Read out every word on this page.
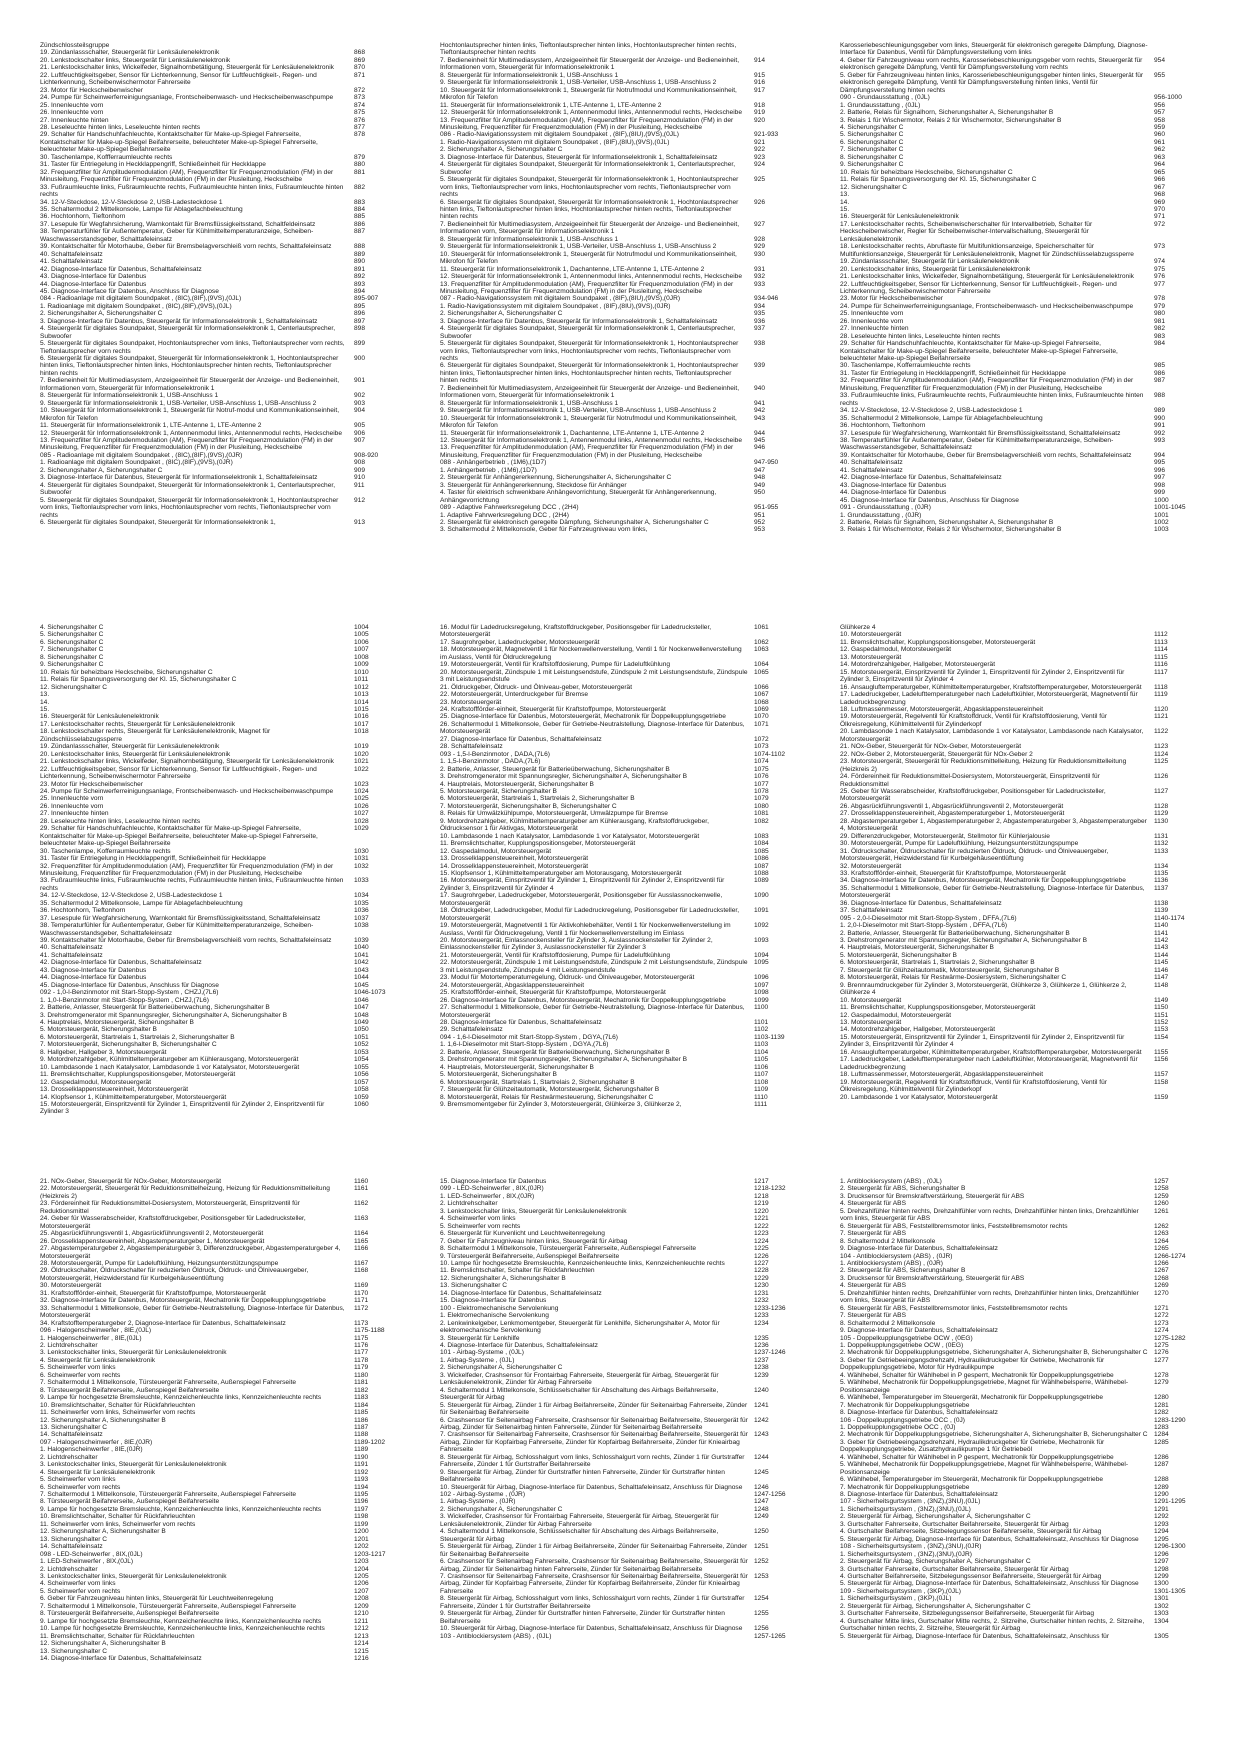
Zündschlossteilsgruppe
19. Zündanlassschalter, Steuergerät für Lenksäulenelektronik	868
20. Lenkstockschalter links, Steuergerät für Lenksäulenelektronik	869
21. Lenkstockschalter links, Wickelfeder, Signalhornbetätigung, Steuergerät für Lenksäulenelektronik	870
22. Luftfeuchtigkeitsgeber, Sensor für Lichterkennung, Sensor für Luftfeuchtigkeit-, Regen- und Lichterkennung, Scheibenwischermotor Fahrerseite
871
23. Motor für Heckscheibenwischer	872
24. Pumpe für Scheinwerferreinigungsanlage, Frontscheibenwasch- und Heckscheibenwaschpumpe	873
25. Innenleuchte vorn	874
26. Innenleuchte vorn	875
27. Innenleuchte hinten	876
28. Leseleuchte hinten links, Leseleuchte hinten rechts	877
29. Schalter für Handschuhfachleuchte, Kontaktschalter für Make-up-Spiegel Fahrerseite, Kontaktschalter für Make-up-Spiegel Beifahrerseite, beleuchteter Make-up-Spiegel Fahrerseite, beleuchteter Make-up-Spiegel Beifahrerseite
878
30. Taschenlampe, Koffferraumleuchte rechts	879
31. Taster für Entriegelung in Heckklappengriff, Schließeinheit für Heckklappe	880
32. Frequenzfilter für Amplitudenmodulation (AM), Frequenzfilter für Frequenzmodulation (FM) in der Minusleitung, Frequenzfilter für Frequenzmodulation (FM) in der Plusleitung, Heckscheibe
881
33. Fußraumleuchte links, Fußraumleuchte rechts, Fußraumleuchte hinten links, Fußraumleuchte hinten rechts
882
34. 12-V-Steckdose, 12-V-Steckdose 2, USB-Ladesteckdose 1	883
35. Schaltermodul 2 Mittelkonsole, Lampe für Ablagefachbeleuchtung	884
36. Hochtonhorn, Tieftonhorn	885
37. Lesepule für Wegfahrsicherung, Warnkontakt für Bremsflüssigkeitsstand, Schaltfeldeinsatz	886
38. Temperaturfühler für Außentemperatur, Geber für Kühlmitteltemperaturanzeige, Scheiben-Waschwasserstandsgeber, Schalttafeleinsatz
887
39. Kontaktschalter für Motorhaube, Geber für Bremsbelagverschleiß vorn rechts, Schalttafeleinsatz	888
40. Schalttafeleinsatz	889
41. Schalttafeleinsatz	890
42. Diagnose-Interface für Datenbus, Schalttafeleinsatz	891
43. Diagnose-Interface für Datenbus	892
44. Diagnose-Interface für Datenbus	893
45. Diagnose-Interface für Datenbus, Anschluss für Diagnose	894
084 - Radioanlage mit digitalem Soundpaket , (8IC),(8IF),(9VS),(0JL)	895-907
1. Radioanlage mit digitalem Soundpaket , (8IC),(8IF),(9VS),(0JL)	895
2. Sicherungshalter A, Sicherungshalter C	896
3. Diagnose-Interface für Datenbus, Steuergerät für Informationselektronik 1, Schalttafeleinsatz	897
4. Steuergerät für digitales Soundpaket, Steuergerät für Informationselektronik 1, Centerlautsprecher, Subwoofer
898
5. Steuergerät für digitales Soundpaket, Hochtonlautsprecher vorn links, Tieftonlautsprecher vorn rechts, Tieftonlautsprecher vorn rechts
899
6. Steuergerät für digitales Soundpaket, Steuergerät für Informationselektronik 1, Hochtonlautsprecher hinten links, Tieftonlautsprecher hinten links, Hochtonlautsprecher hinten rechts, Tieftonlautsprecher hinten rechts
900
7. Bedieneinheit für Multimediasystem, Anzeigeeinheit für Steuergerät der Anzeige- und Bedieneinheit, Informationen vorn, Steuergerät für Informationselektronik 1
901
8. Steuergerät für Informationselektronik 1, USB-Anschluss 1	902
9. Steuergerät für Informationselektronik 1, USB-Verteiler, USB-Anschluss 1, USB-Anschluss 2	903
10. Steuergerät für Informationselektronik 1, Steuergerät für Notruf-modul und Kommunikationseinheit, Mikrofon für Telefon
904
11. Steuergerät für Informationselektronik 1, LTE-Antenne 1, LTE-Antenne 2	905
12. Steuergerät für Informationselektronik 1, Antennenmodul links, Antennenmodul rechts, Heckscheibe	906
13. Frequenzfilter für Amplitudenmodulation (AM), Frequenzfilter für Frequenzmodulation (FM) in der Minusleitung, Frequenzfilter für Frequenzmodulation (FM) in der Plusleitung, Heckscheibe
907
085 - Radioanlage mit digitalem Soundpaket , (8IC),(8IF),(9VS),(0JR)	908-920
1. Radioanlage mit digitalem Soundpaket , (8IC),(8IF),(9VS),(0JR)	908
2. Sicherungshalter A, Sicherungshalter C	909
3. Diagnose-Interface für Datenbus, Steuergerät für Informationselektronik 1, Schalttafeleinsatz	910
4. Steuergerät für digitales Soundpaket, Steuergerät für Informationselektronik 1, Centerlautsprecher, Subwoofer
911
5. Steuergerät für digitales Soundpaket, Steuergerät für Informationselektronik 1, Hochtonlautsprecher vorn links, Tieftonlautsprecher vorn links, Hochtonlautsprecher vorn rechts, Tieftonlautsprecher vorn rechts
912
6. Steuergerät für digitales Soundpaket, Steuergerät für Informationselektronik 1,	913
Hochtonlautsprecher hinten links, Tieftonlautsprecher hinten links, Hochtonlautsprecher hinten rechts, Tieftonlautsprecher hinten rechts
7. Bedieneinheit für Multimediasystem, Anzeigeeinheit für Steuergerät der Anzeige- und Bedieneinheit, Informationen vorn, Steuergerät für Informationselektronik 1
914
8. Steuergerät für Informationselektronik 1, USB-Anschluss 1	915
9. Steuergerät für Informationselektronik 1, USB-Verteiler, USB-Anschluss 1, USB-Anschluss 2	916
10. Steuergerät für Informationselektronik 1, Steuergerät für Notrufmodul und Kommunikationseinheit, Mikrofon für Telefon
917
11. Steuergerät für Informationselektronik 1, LTE-Antenne 1, LTE-Antenne 2	918
12. Steuergerät für Informationselektronik 1, Antennenmodul links, Antennenmodul rechts, Heckscheibe	919
13. Frequenzfilter für Amplitudenmodulation (AM), Frequenzfilter für Frequenzmodulation (FM) in der Minusleitung, Frequenzfilter für Frequenzmodulation (FM) in der Plusleitung, Heckscheibe
920
086 - Radio-Navigationssystem mit digitalem Soundpaket , (8IF),(8IU),(9VS),(0JL)	921-933
1. Radio-Navigationssystem mit digitalem Soundpaket , (8IF),(8IU),(9VS),(0JL)	921
2. Sicherungshalter A, Sicherungshalter C	922
3. Diagnose-Interface für Datenbus, Steuergerät für Informationselektronik 1, Schalttafeleinsatz	923
4. Steuergerät für digitales Soundpaket, Steuergerät für Informationselektronik 1, Centerlautsprecher, Subwoofer
924
5. Steuergerät für digitales Soundpaket, Steuergerät für Informationselektronik 1, Hochtonlautsprecher vorn links, Tieftonlautsprecher vorn links, Hochtonlautsprecher vorn rechts, Tieftonlautsprecher vorn rechts
925
6. Steuergerät für digitales Soundpaket, Steuergerät für Informationselektronik 1, Hochtonlautsprecher hinten links, Tieftonlautsprecher hinten links, Hochtonlautsprecher hinten rechts, Tieftonlautsprecher hinten rechts
926
7. Bedieneinheit für Multimediasystem, Anzeigeeinheit für Steuergerät der Anzeige- und Bedieneinheit, Informationen vorn, Steuergerät für Informationselektronik 1
927
8. Steuergerät für Informationselektronik 1, USB-Anschluss 1	928
9. Steuergerät für Informationselektronik 1, USB-Verteiler, USB-Anschluss 1, USB-Anschluss 2	929
10. Steuergerät für Informationselektronik 1, Steuergerät für Notrufmodul und Kommunikationseinheit, Mikrofon für Telefon
930
11. Steuergerät für Informationselektronik 1, Dachantenne, LTE-Antenne 1, LTE-Antenne 2	931
12. Steuergerät für Informationselektronik 1, Antennenmodul links, Antennenmodul rechts, Heckscheibe	932
13. Frequenzfilter für Amplitudenmodulation (AM), Frequenzfilter für Frequenzmodulation (FM) in der Minusleitung, Frequenzfilter für Frequenzmodulation (FM) in der Plusleitung, Heckscheibe
933
087 - Radio-Navigationssystem mit digitalem Soundpaket , (8IF),(8IU),(9VS),(0JR)	934-946
1. Radio-Navigationssystem mit digitalem Soundpaket , (8IF),(8IU),(9VS),(0JR)	934
2. Sicherungshalter A, Sicherungshalter C	935
3. Diagnose-Interface für Datenbus, Steuergerät für Informationselektronik 1, Schalttafeleinsatz	936
4. Steuergerät für digitales Soundpaket, Steuergerät für Informationselektronik 1, Centerlautsprecher, Subwoofer
937
5. Steuergerät für digitales Soundpaket, Steuergerät für Informationselektronik 1, Hochtonlautsprecher vorn links, Tieftonlautsprecher vorn links, Hochtonlautsprecher vorn rechts, Tieftonlautsprecher vorn rechts
938
6. Steuergerät für digitales Soundpaket, Steuergerät für Informationselektronik 1, Hochtonlautsprecher hinten links, Tieftonlautsprecher hinten links, Hochtonlautsprecher hinten rechts, Tieftonlautsprecher hinten rechts
939
7. Bedieneinheit für Multimediasystem, Anzeigeeinheit für Steuergerät der Anzeige- und Bedieneinheit, Informationen vorn, Steuergerät für Informationselektronik 1
940
8. Steuergerät für Informationselektronik 1, USB-Anschluss 1	941
9. Steuergerät für Informationselektronik 1, USB-Verteiler, USB-Anschluss 1, USB-Anschluss 2	942
10. Steuergerät für Informationselektronik 1, Steuergerät für Notrufmodul und Kommunikationseinheit, Mikrofon für Telefon
943
11. Steuergerät für Informationselektronik 1, Dachantenne, LTE-Antenne 1, LTE-Antenne 2	944
12. Steuergerät für Informationselektronik 1, Antennenmodul links, Antennenmodul rechts, Heckscheibe	945
13. Frequenzfilter für Amplitudenmodulation (AM), Frequenzfilter für Frequenzmodulation (FM) in der Minusleitung, Frequenzfilter für Frequenzmodulation (FM) in der Plusleitung, Heckscheibe
946
088 - Anhängerbetrieb , (1M6),(1D7)	947-950
1. Anhängerbetrieb , (1M6),(1D7)	947
2. Steuergerät für Anhängererkennung, Sicherungshalter A, Sicherungshalter C	948
3. Steuergerät für Anhängererkennung, Steckdose für Anhänger	949
4. Taster für elektrisch schwenkbare Anhängevorrichtung, Steuergerät für Anhängererkennung, Anhängevorrichtung
950
089 - Adaptive Fahrwerksregelung DCC , (2H4)	951-955
1. Adaptive Fahrwerksregelung DCC , (2H4)	951
2. Steuergerät für elektronisch geregelte Dämpfung, Sicherungshalter A, Sicherungshalter C	952
3. Schaltermodul 2 Mittelkonsole, Geber für Fahrzeugniveau vorn links,	953
Karosseriebeschleunigungsgeber vorn links, Steuergerät für elektronisch geregelte Dämpfung, Diagnose-Interface für Datenbus, Ventil für Dämpfungsverstellung vorn links
4. Geber für Fahrzeugniveau vorn rechts, Karosseriebeschleunigungsgeber vorn rechts, Steuergerät für elektronisch geregelte Dämpfung, Ventil für Dämpfungsverstellung vorn rechts
954
5. Geber für Fahrzeugniveau hinten links, Karosseriebeschleunigungsgeber hinten links, Steuergerät für elektronisch geregelte Dämpfung, Ventil für Dämpfungsverstellung hinten links, Ventil für Dämpfungsverstellung hinten rechts
955
090 - Grundausstattung , (0JL)	956-1000
1. Grundausstattung , (0JL)	956
2. Batterie, Relais für Signalhorn, Sicherungshalter A, Sicherungshalter B	957
3. Relais 1 für Wischermotor, Relais 2 für Wischermotor, Sicherungshalter B	958
4. Sicherungshalter C	959
5. Sicherungshalter C	960
6. Sicherungshalter C	961
7. Sicherungshalter C	962
8. Sicherungshalter C	963
9. Sicherungshalter C	964
10. Relais für beheizbare Heckscheibe, Sicherungshalter C	965
11. Relais für Spannungsversorgung der Kl. 15, Sicherungshalter C	966
12. Sicherungshalter C	967
13.	968
14.	969
15.	970
16. Steuergerät für Lenksäulenelektronik	971
17. Lenkstockschalter rechts, Scheibenwischerschalter für Intervallbetrieb, Schalter für Heckscheibenwischer, Regler für Scheibenwischer-Intervallschaltung, Steuergerät für Lenksäulenelektronik
972
18. Lenkstockschalter rechts, Abruftaste für Multifunktionsanzeige, Speicherschalter für Multifunktionsanzeige, Steuergerät für Lenksäulenelektronik, Magnet für Zündschlüsselabzugssperre
973
19. Zündanlassschalter, Steuergerät für Lenksäulenelektronik	974
20. Lenkstockschalter links, Steuergerät für Lenksäulenelektronik	975
21. Lenkstockschalter links, Wickelfeder, Signalhornbetätigung, Steuergerät für Lenksäulenelektronik	976
22. Luftfeuchtigkeitsgeber, Sensor für Lichterkennung, Sensor für Luftfeuchtigkeit-, Regen- und Lichterkennung, Scheibenwischermotor Fahrerseite
977
23. Motor für Heckscheibenwischer	978
24. Pumpe für Scheinwerferreinigungsanlage, Frontscheibenwasch- und Heckscheibenwaschpumpe	979
25. Innenleuchte vorn	980
26. Innenleuchte vorn	981
27. Innenleuchte hinten	982
28. Leseleuchte hinten links, Leseleuchte hinten rechts	983
29. Schalter für Handschuhfachleuchte, Kontaktschalter für Make-up-Spiegel Fahrerseite, Kontaktschalter für Make-up-Spiegel Beifahrerseite, beleuchteter Make-up-Spiegel Fahrerseite, beleuchteter Make-up-Spiegel Beifahrerseite
984
30. Taschenlampe, Kofferraumleuchte rechts	985
31. Taster für Entriegelung in Heckklappengriff, Schließeinheit für Heckklappe	986
32. Frequenzfilter für Amplitudenmodulation (AM), Frequenzfilter für Frequenzmodulation (FM) in der Minusleitung, Frequenzfilter für Frequenzmodulation (FM) in der Plusleitung, Heckscheibe
987
33. Fußraumleuchte links, Fußraumleuchte rechts, Fußraumleuchte hinten links, Fußraumleuchte hinten rechts
988
34. 12-V-Steckdose, 12-V-Steckdose 2, USB-Ladesteckdose 1	989
35. Schaltermodul 2 Mittelkonsole, Lampe für Ablagefachbeleuchtung	990
36. Hochtonhorn, Tieftonhorn	991
37. Lesespule für Wegfahrsicherung, Warnkontakt für Bremsflüssigkeitsstand, Schalttafeleinsatz	992
38. Temperaturfühler für Außentemperatur, Geber für Kühlmitteltemperaturanzeige, Scheiben-Waschwasserstandsgeber, Schalttafeleinsatz
993
39. Kontaktschalter für Motorhaube, Geber für Bremsbelagverschleiß vorn rechts, Schalttafeleinsatz	994
40. Schalttafeleinsatz	995
41. Schalttafeleinsatz	996
42. Diagnose-Interface für Datenbus, Schalttafeleinsatz	997
43. Diagnose-Interface für Datenbus	998
44. Diagnose-Interface für Datenbus	999
45. Diagnose-Interface für Datenbus, Anschluss für Diagnose	1000
091 - Grundausstattung , (0JR)	1001-1045
1. Grundausstattung , (0JR)	1001
2. Batterie, Relais für Signalhorn, Sicherungshalter A, Sicherungshalter B	1002
3. Relais 1 für Wischermotor, Relais 2 für Wischermotor, Sicherungshalter B	1003
4. Sicherungshalter C	1004
5. Sicherungshalter C	1005
6. Sicherungshalter C	1006
7. Sicherungshalter C	1007
8. Sicherungshalter C	1008
9. Sicherungshalter C	1009
10. Relais für beheizbare Heckscheibe, Sicherungshalter C	1010
11. Relais für Spannungsversorgung der Kl. 15, Sicherungshalter C	1011
12. Sicherungshalter C	1012
13.	1013
14.	1014
15.	1015
16. Steuergerät für Lenksäulenelektronik	1016
17. Lenkstockschalter rechts, Steuergerät für Lenksäulenelektronik	1017
18. Lenkstockschalter rechts, Steuergerät für Lenksäulenelektronik, Magnet für Zündschlüsselabzugssperre
1018
19. Zündanlassschalter, Steuergerät für Lenksäulenelektronik	1019
20. Lenkstockschalter links, Steuergerät für Lenksäulenelektronik	1020
21. Lenkstockschalter links, Wickelfeder, Signalhornbetätigung, Steuergerät für Lenksäulenelektronik	1021
22. Luftfeuchtigkeitsgeber, Sensor für Lichterkennung, Sensor für Luftfeuchtigkeit-, Regen- und Lichterkennung, Scheibenwischermotor Fahrerseite
1022
23. Motor für Heckscheibenwischer	1023
24. Pumpe für Scheinwerferreinigungsanlage, Frontscheibenwasch- und Heckscheibenwaschpumpe	1024
25. Innenleuchte vorn	1025
26. Innenleuchte vorn	1026
27. Innenleuchte hinten	1027
28. Leseleuchte hinten links, Leseleuchte hinten rechts	1028
29. Schalter für Handschuhfachleuchte, Kontaktschalter für Make-up-Spiegel Fahrerseite, Kontaktschalter für Make-up-Spiegel Beifahrerseite, beleuchteter Make-up-Spiegel Fahrerseite, beleuchteter Make-up-Spiegel Beifahrerseite
1029
30. Taschenlampe, Kofferraumleuchte rechts	1030
31. Taster für Entriegelung in Heckklappengriff, Schließeinheit für Heckklappe	1031
32. Frequenzfilter für Amplitudenmodulation (AM), Frequenzfilter für Frequenzmodulation (FM) in der Minusleitung, Frequenzfilter für Frequenzmodulation (FM) in der Plusleitung, Heckscheibe
1032
33. Fußraumleuchte links, Fußraumleuchte rechts, Fußraumleuchte hinten links, Fußraumleuchte hinten rechts
1033
34. 12-V-Steckdose, 12-V-Steckdose 2, USB-Ladesteckdose 1	1034
35. Schaltermodul 2 Mittelkonsole, Lampe für Ablagefachbeleuchtung	1035
36. Hochtonhorn, Tieftonhorn	1036
37. Lesespule für Wegfahrsicherung, Warnkontakt für Bremsflüssigkeitsstand, Schalttafeleinsatz	1037
38. Temperaturfühler für Außentemperatur, Geber für Kühlmitteltemperaturanzeige, Scheiben-Waschwasserstandsgeber, Schalttafeleinsatz
1038
39. Kontaktschalter für Motorhaube, Geber für Bremsbelagverschleiß vorn rechts, Schalttafeleinsatz	1039
40. Schalttafeleinsatz	1040
41. Schalttafeleinsatz	1041
42. Diagnose-Interface für Datenbus, Schalttafeleinsatz	1042
43. Diagnose-Interface für Datenbus	1043
44. Diagnose-Interface für Datenbus	1044
45. Diagnose-Interface für Datenbus, Anschluss für Diagnose	1045
092 - 1,0-l-Benzinmotor mit Start-Stopp-System , CHZJ,(7L6)	1046-1073
1. 1,0-l-Benzinmotor mit Start-Stopp-System , CHZJ,(7L6)	1046
2. Batterie, Anlasser, Steuergerät für Batterieüberwachung, Sicherungshalter B	1047
3. Drehstromgenerator mit Spannungsregler, Sicherungshalter A, Sicherungshalter B	1048
4. Hauptrelais, Motorsteuergerät, Sicherungshalter B	1049
5. Motorsteuergerät, Sicherungshalter B	1050
6. Motorsteuergerät, Startrelais 1, Startrelais 2, Sicherungshalter B	1051
7. Motorsteuergerät, Sicherungshalter B, Sicherungshalter C	1052
8. Hallgeber, Hallgeber 3, Motorsteuergerät	1053
9. Motordrehzahlgeber, Kühlmitteltemperaturgeber am Kühlerausgang, Motorsteuergerät	1054
10. Lambdasonde 1 nach Katalysator, Lambdasonde 1 vor Katalysator, Motorsteuergerät	1055
11. Bremslichtschalter, Kupplungspositionsgeber, Motorsteuergerät	1056
12. Gaspedalmodul, Motorsteuergerät	1057
13. Drosselklappensteuereinheit, Motorsteuergerät	1058
14. Klopfsensor 1, Kühlmitteltemperaturgeber, Motorsteuergerät	1059
15. Motorsteuergerät, Einspritzventil für Zylinder 1, Einspritzventil für Zylinder 2, Einspritzventil für Zylinder 3
1060
16. Modul für Ladedrucksregelung, Kraftstoffdruckgeber, Positionsgeber für Ladedrucksteller, Motorsteuergerät
1061
17. Saugrohrgeber, Ladedruckgeber, Motorsteuergerät	1062
18. Motorsteuergerät, Magnetventil 1 für Nockenwellenverstellung, Ventil 1 für Nockenwellenverstellung im Auslass, Ventil für Öldruckregelung
1063
19. Motorsteuergerät, Ventil für Kraftstoffdosierung, Pumpe für Ladeluftkühlung	1064
20. Motorsteuergerät, Zündspule 1 mit Leistungsendstufe, Zündspule 2 mit Leistungsendstufe, Zündspule 3 mit Leistungsendstufe
1065
21. Öldruckgeber, Öldruck- und Ölniveau-geber, Motorsteuergerät	1066
22. Motorsteuergerät, Unterdruckgeber für Bremse	1067
23. Motorsteuergerät	1068
24. Kraftstoffförder-einheit, Steuergerät für Kraftstoffpumpe, Motorsteuergerät	1069
25. Diagnose-Interface für Datenbus, Motorsteuergerät, Mechatronik für Doppelkupplungsgetriebe	1070
26. Schaltermodul 1 Mittelkonsole, Geber für Getriebe-Neutralstellung, Diagnose-Interface für Datenbus, Motorsteuergerät
1071
27. Diagnose-Interface für Datenbus, Schalttafeleinsatz	1072
28. Schalttafeleinsatz	1073
093 - 1,5-l-Benzinmotor , DADA,(7L6)	1074-1102
1. 1,5-l-Benzinmotor , DADA,(7L6)	1074
2. Batterie, Anlasser, Steuergerät für Batterieüberwachung, Sicherungshalter B	1075
3. Drehstromgenerator mit Spannungsregler, Sicherungshalter A, Sicherungshalter B	1076
4. Hauptrelais, Motorsteuergerät, Sicherungshalter B	1077
5. Motorsteuergerät, Sicherungshalter B	1078
6. Motorsteuergerät, Startrelais 1, Startrelais 2, Sicherungshalter B	1079
7. Motorsteuergerät, Sicherungshalter B, Sicherungshalter C	1080
8. Relais für Umwälzkühlpumpe, Motorsteuergerät, Umwälzpumpe für Bremse	1081
9. Motordrehzahlgeber, Kühlmitteltemperaturgeber am Kühlerausgang, Kraftstoffdruckgeber, Öldrucksensor 1 für Aktivgas, Motorsteuergerät
1082
10. Lambdasonde 1 nach Katalysator, Lambdasonde 1 vor Katalysator, Motorsteuergerät	1083
11. Bremslichtschalter, Kupplungspositionsgeber, Motorsteuergerät	1084
12. Gaspedalmodul, Motorsteuergerät	1085
13. Drosselklappensteuereinheit, Motorsteuergerät	1086
14. Drosselklappensteuereinheit, Motorsteuergerät	1087
15. Klopfsensor 1, Kühlmitteltemperaturgeber am Motorausgang, Motorsteuergerät	1088
16. Motorsteuergerät, Einspritzventil für Zylinder 1, Einspritzventil für Zylinder 2, Einspritzventil für Zylinder 3, Einspritzventil für Zylinder 4
1089
17. Saugrohrgeber, Ladedruckgeber, Motorsteuergerät, Positionsgeber für Ausslassnockenwelle, Motorsteuergerät
1090
18. Öldruckgeber, Ladedruckgeber, Modul für Ladedruckregelung, Positionsgeber für Ladedrucksteller, Motorsteuergerät
1091
19. Motorsteuergerät, Magnetventil 1 für Aktivkohlebehälter, Ventil 1 für Nockenwellenverstellung im Auslass, Ventil für Öldruckregelung, Ventil 1 für Nockenwellenverstellung im Einlass
1092
20. Motorsteuergerät, Einlassnockensteller für Zylinder 3, Auslassnockensteller für Zylinder 2, Einlassnockensteller für Zylinder 3, Auslassnockensteller für Zylinder 3
1093
21. Motorsteuergerät, Ventil für Kraftstoffdosierung, Pumpe für Ladeluftkühlung	1094
22. Motorsteuergerät, Zündspule 1 mit Leistungsendstufe, Zündspule 2 mit Leistungsendstufe, Zündspule 3 mit Leistungsendstufe, Zündspule 4 mit Leistungsendstufe
1095
23. Modul für Motortemperaturregelung, Öldruck- und Ölniveaugeber, Motorsteuergerät	1096
24. Motorsteuergerät, Abgasklappensteuereinheit	1097
25. Kraftstoffförder-einheit, Steuergerät für Kraftstoffpumpe, Motorsteuergerät	1098
26. Diagnose-Interface für Datenbus, Motorsteuergerät, Mechatronik für Doppelkupplungsgetriebe	1099
27. Schaltermodul 1 Mittelkonsole, Geber für Getriebe-Neutralstellung, Diagnose-Interface für Datenbus, Motorsteuergerät
1100
28. Diagnose-Interface für Datenbus, Schalttafeleinsatz	1101
29. Schalttafeleinsatz	1102
094 - 1,6-l-Dieselmotor mit Start-Stopp-System , DGYA,(7L6)	1103-1139
1. 1,6-l-Dieselmotor mit Start-Stopp-System , DGYA,(7L6)	1103
2. Batterie, Anlasser, Steuergerät für Batterieüberwachung, Sicherungshalter B	1104
3. Drehstromgenerator mit Spannungsregler, Sicherungshalter A, Sicherungshalter B	1105
4. Hauptrelais, Motorsteuergerät, Sicherungshalter B	1106
5. Motorsteuergerät, Sicherungshalter B	1107
6. Motorsteuergerät, Startrelais 1, Startrelais 2, Sicherungshalter B	1108
7. Steuergerät für Glühzeitautomatik, Motorsteuergerät, Sicherungshalter B	1109
8. Motorsteuergerät, Relais für Restwärmesteuerung, Sicherungshalter C	1110
9. Bremsmomentgeber für Zylinder 3, Motorsteuergerät, Glühkerze 3, Glühkerze 2,	1111
Glühkerze 4
10. Motorsteuergerät	1112
11. Bremslichtschalter, Kupplungspositionsgeber, Motorsteuergerät	1113
12. Gaspedalmodul, Motorsteuergerät	1114
13. Motorsteuergerät	1115
14. Motordrehzahlgeber, Hallgeber, Motorsteuergerät	1116
15. Motorsteuergerät, Einspritzventil für Zylinder 1, Einspritzventil für Zylinder 2, Einspritzventil für Zylinder 3, Einspritzventil für Zylinder 4
1117
16. Ansaugluftemperaturgeber, Kühlmitteltemperaturgeber, Kraftstofftemperaturgeber, Motorsteuergerät	1118
17. Ladedruckgeber, Ladelufttemperaturgeber nach Ladeluftkühler, Motorsteuergerät, Magnetventil für Ladedruckbegrenzung
1119
18. Luftmassenmesser, Motorsteuergerät, Abgasklappensteuereinheit	1120
19. Motorsteuergerät, Regelventil für Kraftstoffdruck, Ventil für Kraftstoffdosierung, Ventil für Ölkreisregelung, Kühlmittelventil für Zylinderkopf
1121
20. Lambdasonde 1 nach Katalysator, Lambdasonde 1 vor Katalysator, Lambdasonde nach Katalysator, Motorsteuergerät
1122
21. NOx-Geber, Steuergerät für NOx-Geber, Motorsteuergerät	1123
22. NOx-Geber 2, Motorsteuergerät, Steuergerät für NOx-Geber 2	1124
23. Motorsteuergerät, Steuergerät für Reduktionsmittelleitung, Heizung für Reduktionsmittelleitung (Heizkreis 2)
1125
24. Fördereinheit für Reduktionsmittel-Dosiersystem, Motorsteuergerät, Einspritzventil für Reduktionsmittel
1126
25. Geber für Wasserabscheider, Kraftstoffdruckgeber, Positionsgeber für Ladedrucksteller, Motorsteuergerät
1127
26. Abgasrückführungsventil 1, Abgasrückführungsventil 2, Motorsteuergerät	1128
27. Drosselklappensteuereinheit, Abgastemperaturgeber 1, Motorsteuergerät	1129
28. Abgastemperaturgeber 1, Abgastemperaturgeber 2, Abgastemperaturgeber 3, Abgastemperaturgeber 4, Motorsteuergerät
1130
29. Differenzdruckgeber, Motorsteuergerät, Stellmotor für Kühlerjalousie	1131
30. Motorsteuergerät, Pumpe für Ladeluftkühlung, Heizungsunterstützungspumpe	1132
31. Öldruckschalter, Öldruckschalter für reduzierten Öldruck, Öldruck- und Ölniveauergeber, Motorsteuergerät, Heizwiderstand für Kurbelgehäuseentlüftung
1133
32. Motorsteuergerät	1134
33. Kraftstoffförder-einheit, Steuergerät für Kraftstoffpumpe, Motorsteuergerät	1135
34. Diagnose-Interface für Datenbus, Motorsteuergerät, Mechatronik für Doppelkupplungsgetriebe	1136
35. Schaltermodul 1 Mittelkonsole, Geber für Getriebe-Neutralstellung, Diagnose-Interface für Datenbus, Motorsteuergerät
1137
36. Diagnose-Interface für Datenbus, Schalttafeleinsatz	1138
37. Schalttafeleinsatz	1139
095 - 2,0-l-Dieselmotor mit Start-Stopp-System , DFFA,(7L6)	1140-1174
1. 2,0-l-Dieselmotor mit Start-Stopp-System , DFFA,(7L6)	1140
2. Batterie, Anlasser, Steuergerät für Batterieüberwachung, Sicherungshalter B	1141
3. Drehstromgenerator mit Spannungsregler, Sicherungshalter A, Sicherungshalter B	1142
4. Hauptrelais, Motorsteuergerät, Sicherungshalter B	1143
5. Motorsteuergerät, Sicherungshalter B	1144
6. Motorsteuergerät, Startrelais 1, Startrelais 2, Sicherungshalter B	1145
7. Steuergerät für Glühzeitautomatik, Motorsteuergerät, Sicherungshalter B	1146
8. Motorsteuergerät, Relais für Restwärme-Dosiersystem, Sicherungshalter C	1147
9. Brennraumdruckgeber für Zylinder 3, Motorsteuergerät, Glühkerze 3, Glühkerze 1, Glühkerze 2, Glühkerze 4
1148
10. Motorsteuergerät	1149
11. Bremslichtschalter, Kupplungspositionsgeber, Motorsteuergerät	1150
12. Gaspedalmodul, Motorsteuergerät	1151
13. Motorsteuergerät	1152
14. Motordrehzahlgeber, Hallgeber, Motorsteuergerät	1153
15. Motorsteuergerät, Einspritzventil für Zylinder 1, Einspritzventil für Zylinder 2, Einspritzventil für Zylinder 3, Einspritzventil für Zylinder 4
1154
16. Ansaugluftemperaturgeber, Kühlmitteltemperaturgeber, Kraftstofftemperaturgeber, Motorsteuergerät	1155
17. Ladedruckgeber, Ladelufttemperaturgeber nach Ladeluftkühler, Motorsteuergerät, Magnetventil für Ladedruckbegrenzung
1156
18. Luftmassenmesser, Motorsteuergerät, Abgasklappensteuereinheit	1157
19. Motorsteuergerät, Regelventil für Kraftstoffdruck, Ventil für Kraftstoffdosierung, Ventil für Ölkreisregelung, Kühlmittelventil für Zylinderkopf
1158
20. Lambdasonde 1 vor Katalysator, Motorsteuergerät	1159
21. NOx-Geber, Steuergerät für NOx-Geber, Motorsteuergerät	1160
22. Motorsteuergerät, Steuergerät für Reduktionsmittelheizung, Heizung für Reduktionsmittelleitung (Heizkreis 2)
1161
23. Fördereinheit für Reduktionsmittel-Dosiersystem, Motorsteuergerät, Einspritzventil für Reduktionsmittel
1162
24. Geber für Wasserabscheider, Kraftstoffdruckgeber, Positionsgeber für Ladedrucksteller, Motorsteuergerät
1163
25. Abgasrückführungsventil 1, Abgasrückführungsventil 2, Motorsteuergerät	1164
26. Drosselklappensteuereinheit, Abgastemperaturgeber 1, Motorsteuergerät	1165
27. Abgastemperaturgeber 2, Abgastemperaturgeber 3, Differenzdruckgeber, Abgastemperaturgeber 4, Motorsteuergerät
1166
28. Motorsteuergerät, Pumpe für Ladeluftkühlung, Heizungsunterstützungspumpe	1167
29. Öldruckschalter, Öldruckschalter für reduzierten Öldruck, Öldruck- und Ölniveauergeber, Motorsteuergerät, Heizwiderstand für Kurbelgehäuseentlüftung
1168
30. Motorsteuergerät	1169
31. Kraftstoffförder-einheit, Steuergerät für Kraftstoffpumpe, Motorsteuergerät	1170
32. Diagnose-Interface für Datenbus, Motorsteuergerät, Mechatronik für Doppelkupplungsgetriebe	1171
33. Schaltermodul 1 Mittelkonsole, Geber für Getriebe-Neutralstellung, Diagnose-Interface für Datenbus, Motorsteuergerät
1172
34. Kraftstofftemperaturgeber 2, Diagnose-Interface für Datenbus, Schalttafeleinsatz	1173
096 - Halogenscheinwerfer , 8IE,(0JL)	1175-1188
1. Halogenscheinwerfer , 8IE,(0JL)	1175
2. Lichtdrehschalter	1176
3. Lenkstockschalter links, Steuergerät für Lenksäulenelektronik	1177
4. Steuergerät für Lenksäulenelektronik	1178
5. Scheinwerfer vorn links	1179
6. Scheinwerfer vorn rechts	1180
7. Schaltermodul 1 Mittelkonsole, Türsteuergerät Fahrerseite, Außenspiegel Fahrerseite	1181
8. Türsteuergerät Beifahrerseite, Außenspiegel Beifahrerseite	1182
9. Lampe für hochgesetzte Bremsleuchte, Kennzeichenleuchte links, Kennzeichenleuchte rechts	1183
10. Bremslichtschalter, Schalter für Rückfahrleuchten	1184
11. Scheinwerfer vorn links, Scheinwerfer vorn rechts	1185
12. Sicherungshalter A, Sicherungshalter B	1186
13. Sicherungshalter C	1187
14. Schalttafeleinsatz	1188
097 - Halogenscheinwerfer , 8IE,(0JR)	1189-1202
1. Halogenscheinwerfer , 8IE,(0JR)	1189
2. Lichtdrehschalter	1190
3. Lenkstockschalter links, Steuergerät für Lenksäulenelektronik	1191
4. Steuergerät für Lenksäulenelektronik	1192
5. Scheinwerfer vorn links	1193
6. Scheinwerfer vorn rechts	1194
7. Schaltermodul 1 Mittelkonsole, Türsteuergerät Fahrerseite, Außenspiegel Fahrerseite	1195
8. Türsteuergerät Beifahrerseite, Außenspiegel Beifahrerseite	1196
9. Lampe für hochgesetzte Bremsleuchte, Kennzeichenleuchte links, Kennzeichenleuchte rechts	1197
10. Bremslichtschalter, Schalter für Rückfahrleuchten	1198
11. Scheinwerfer vorn links, Scheinwerfer vorn rechts	1199
12. Sicherungshalter A, Sicherungshalter B	1200
13. Sicherungshalter C	1201
14. Schalttafeleinsatz	1202
098 - LED-Scheinwerfer , 8IX,(0JL)	1203-1217
1. LED-Scheinwerfer , 8IX,(0JL)	1203
2. Lichtdrehschalter	1204
3. Lenkstockschalter links, Steuergerät für Lenksäulenelektronik	1205
4. Scheinwerfer vorn links	1206
5. Scheinwerfer vorn rechts	1207
6. Geber für Fahrzeugniveau hinten links, Steuergerät für Leuchtweitenregelung	1208
7. Schaltermodul 1 Mittelkonsole, Türsteuergerät Fahrerseite, Außenspiegel Fahrerseite	1209
8. Türsteuergerät Beifahrerseite, Außenspiegel Beifahrerseite	1210
9. Lampe für hochgesetzte Bremsleuchte, Kennzeichenleuchte links, Kennzeichenleuchte rechts	1211
10. Lampe für hochgesetzte Bremsleuchte, Kennzeichenleuchte links, Kennzeichenleuchte rechts	1212
11. Bremslichtschalter, Schalter für Rückfahrleuchten	1213
12. Sicherungshalter A, Sicherungshalter B	1214
13. Sicherungshalter C	1215
14. Diagnose-Interface für Datenbus, Schalttafeleinsatz	1216
15. Diagnose-Interface für Datenbus	1217
099 - LED-Scheinwerfer , 8IX,(0JR)	1218-1232
1. LED-Scheinwerfer , 8IX,(0JR)	1218
2. Lichtdrehschalter	1219
3. Lenkstockschalter links, Steuergerät für Lenksäulenelektronik	1220
4. Scheinwerfer vorn links	1221
5. Scheinwerfer vorn rechts	1222
6. Steuergerät für Kurvenlicht und Leuchtweitenregelung	1223
7. Geber für Fahrzeugniveau hinten links, Steuergerät für Airbag	1224
8. Schaltermodul 1 Mittelkonsole, Türsteuergerät Fahrerseite, Außenspiegel Fahrerseite	1225
9. Türsteuergerät Beifahrerseite, Außenspiegel Beifahrerseite	1226
10. Lampe für hochgesetzte Bremsleuchte, Kennzeichenleuchte links, Kennzeichenleuchte rechts	1227
11. Bremslichtschalter, Schalter für Rückfahrleuchten	1228
12. Sicherungshalter A, Sicherungshalter B	1229
13. Sicherungshalter C	1230
14. Diagnose-Interface für Datenbus, Schalttafeleinsatz	1231
15. Diagnose-Interface für Datenbus	1232
100 - Elektromechanische Servolenkung	1233-1236
1. Elektromechanische Servolenkung	1233
2. Lenkwinkelgeber, Lenkmomentgeber, Steuergerät für Lenkhilfe, Sicherungshalter A, Motor für elektromechanische Servolenkung
1234
3. Steuergerät für Lenkhilfe	1235
4. Diagnose-Interface für Datenbus, Schalttafeleinsatz	1236
101 - Airbag-Systeme , (0JL)	1237-1246
1. Airbag-Systeme , (0JL)	1237
2. Sicherungshalter A, Sicherungshalter C	1238
3. Wickelfeder, Crashsensor für Frontairbag Fahrerseite, Steuergerät für Airbag, Steuergerät für Lenksäulenelektronik, Zünder für Airbag Fahrerseite
1239
4. Schaltermodul 1 Mittelkonsole, Schlüsselschalter für Abschaltung des Airbags Beifahrerseite, Steuergerät für Airbag
1240
5. Steuergerät für Airbag, Zünder 1 für Airbag Beifahrerseite, Zünder für Seitenairbag Fahrerseite, Zünder für Seitenairbag Beifahrerseite
1241
6. Crashsensor für Seitenairbag Fahrerseite, Crashsensor für Seitenairbag Beifahrerseite, Steuergerät für Airbag, Zünder für Seitenairbag hinten Fahrerseite, Zünder für Seitenairbag Beifahrerseite
1242
7. Crashsensor für Seitenairbag Fahrerseite, Crashsensor für Seitenairbag Beifahrerseite, Steuergerät für Airbag, Zünder für Kopfairbag Fahrerseite, Zünder für Kopfairbag Beifahrerseite, Zünder für Knieairbag Fahrerseite
1243
8. Steuergerät für Airbag, Schlosshalgurt vorn links, Schlosshalgurt vorn rechts, Zünder 1 für Gurtstraffer Fahrerseite, Zünder 1 für Gurtstraffer Beifahrerseite
1244
9. Steuergerät für Airbag, Zünder für Gurtstraffer hinten Fahrerseite, Zünder für Gurtstraffer hinten Beifahrerseite
1245
10. Steuergerät für Airbag, Diagnose-Interface für Datenbus, Schalttafeleinsatz, Anschluss für Diagnose	1246
102 - Airbag-Systeme , (0JR)	1247-1256
1. Airbag-Systeme , (0JR)	1247
2. Sicherungshalter A, Sicherungshalter C	1248
3. Wickelfeder, Crashsensor für Frontairbag Fahrerseite, Steuergerät für Airbag, Steuergerät für Lenksäulenelektronik, Zünder für Airbag Fahrerseite
1249
4. Schaltermodul 1 Mittelkonsole, Schlüsselschalter für Abschaltung des Airbags Beifahrerseite, Steuergerät für Airbag
1250
5. Steuergerät für Airbag, Zünder 1 für Airbag Beifahrerseite, Zünder für Seitenairbag Fahrerseite, Zünder für Seitenairbag Beifahrerseite
1251
6. Crashsensor für Seitenairbag Fahrerseite, Crashsensor für Seitenairbag Beifahrerseite, Steuergerät für Airbag, Zünder für Seitenairbag hinten Fahrerseite, Zünder für Seitenairbag Beifahrerseite
1252
7. Crashsensor für Seitenairbag Fahrerseite, Crashsensor für Seitenairbag Beifahrerseite, Steuergerät für Airbag, Zünder für Kopfairbag Fahrerseite, Zünder für Kopfairbag Beifahrerseite, Zünder für Knieairbag Fahrerseite
1253
8. Steuergerät für Airbag, Schlosshalgurt vorn links, Schlosshalgurt vorn rechts, Zünder 1 für Gurtstraffer Fahrerseite, Zünder 1 für Gurtstraffer Beifahrerseite
1254
9. Steuergerät für Airbag, Zünder für Gurtstraffer hinten Fahrerseite, Zünder für Gurtstraffer hinten Beifahrerseite
1255
10. Steuergerät für Airbag, Diagnose-Interface für Datenbus, Schalttafeleinsatz, Anschluss für Diagnose	1256
103 - Antiblockiersystem (ABS) , (0JL)	1257-1265
1. Antiblockiersystem (ABS) , (0JL)	1257
2. Steuergerät für ABS, Sicherungshalter B	1258
3. Drucksensor für Bremskraftverstärkung, Steuergerät für ABS	1259
4. Steuergerät für ABS	1260
5. Drehzahlfühler hinten rechts, Drehzahlfühler vorn rechts, Drehzahlfühler hinten links, Drehzahlfühler vorn links, Steuergerät für ABS
1261
6. Steuergerät für ABS, Feststellbremsmotor links, Feststellbremsmotor rechts	1262
7. Steuergerät für ABS	1263
8. Schaltermodul 2 Mittelkonsole	1264
9. Diagnose-Interface für Datenbus, Schalttafeleinsatz	1265
104 - Antiblockiersystem (ABS) , (0JR)	1266-1274
1. Antiblockiersystem (ABS) , (0JR)	1266
2. Steuergerät für ABS, Sicherungshalter B	1267
3. Drucksensor für Bremskraftverstärkung, Steuergerät für ABS	1268
4. Steuergerät für ABS	1269
5. Drehzahlfühler hinten rechts, Drehzahlfühler vorn rechts, Drehzahlfühler hinten links, Drehzahlfühler vorn links, Steuergerät für ABS
1270
6. Steuergerät für ABS, Feststellbremsmotor links, Feststellbremsmotor rechts	1271
7. Steuergerät für ABS	1272
8. Schaltermodul 2 Mittelkonsole	1273
9. Diagnose-Interface für Datenbus, Schalttafeleinsatz	1274
105 - Doppelkupplungsgetriebe OCW , (0EG)	1275-1282
1. Doppelkupplungsgetriebe OCW , (0EG)	1275
2. Mechatronik für Doppelkupplungsgetriebe, Sicherungshalter A, Sicherungshalter B, Sicherungshalter C 1276
3. Geber für Getriebeeingangsdrehzahl, Hydraulikdruckgeber für Getriebe, Mechatronik für Doppelkupplungsgetriebe, Motor für Hydraulikpumpe
1277
4. Wählhebel, Schalter für Wählhebel in P gesperrt, Mechatronik für Doppelkupplungsgetriebe	1278
5. Wählhebel, Mechatronik für Doppelkupplungsgetriebe, Magnet für Wählhebelsperre, Wählhebel-Positionsanzeige
1279
6. Wählhebel, Temperaturgeber im Steuergerät, Mechatronik für Doppelkupplungsgetriebe	1280
7. Mechatronik für Doppelkupplungsgetriebe	1281
8. Diagnose-Interface für Datenbus, Schalttafeleinsatz	1282
106 - Doppelkupplungsgetriebe OCC , (0J)	1283-1290
1. Doppelkupplungsgetriebe OCC , (0J)	1283
2. Mechatronik für Doppelkupplungsgetriebe, Sicherungshalter A, Sicherungshalter B, Sicherungshalter C 1284
3. Geber für Getriebeeingangsdrehzahl, Hydraulikdruckgeber für Getriebe, Mechatronik für Doppelkupplungsgetriebe, Zusatzhydraulikpumpe 1 für Getriebeöl
1285
4. Wählhebel, Schalter für Wählhebel in P gesperrt, Mechatronik für Doppelkupplungsgetriebe	1286
5. Wählhebel, Mechatronik für Doppelkupplungsgetriebe, Magnet für Wählhebelsperre, Wählhebel-Positionsanzeige
1287
6. Wählhebel, Temperaturgeber im Steuergerät, Mechatronik für Doppelkupplungsgetriebe	1288
7. Mechatronik für Doppelkupplungsgetriebe	1289
8. Diagnose-Interface für Datenbus, Schalttafeleinsatz	1290
107 - Sicherheitsgurtsystem , (3NZ),(3NU),(0JL)	1291-1295
1. Sicherheitsgurtsystem , (3NZ),(3NU),(0JL)	1291
2. Steuergerät für Airbag, Sicherungshalter A, Sicherungshalter C	1292
3. Gurtschalter Fahrerseite, Gurtschalter Beifahrerseite, Steuergerät für Airbag	1293
4. Gurtschalter Beifahrerseite, Sitzbelegungssensor Beifahrerseite, Steuergerät für Airbag	1294
5. Steuergerät für Airbag, Diagnose-Interface für Datenbus, Schalttafeleinsatz, Anschluss für Diagnose	1295
108 - Sicherheitsgurtsystem , (3NZ),(3NU),(0JR)	1296-1300
1. Sicherheitsgurtsystem , (3NZ),(3NU),(0JR)	1296
2. Steuergerät für Airbag, Sicherungshalter A, Sicherungshalter C	1297
3. Gurtschalter Fahrerseite, Gurtschalter Beifahrerseite, Steuergerät für Airbag	1298
4. Gurtschalter Beifahrerseite, Sitzbelegungssensor Beifahrerseite, Steuergerät für Airbag	1299
5. Steuergerät für Airbag, Diagnose-Interface für Datenbus, Schalttafeleinsatz, Anschluss für Diagnose	1300
109 - Sicherheitsgurtsystem , (3KP),(0JL)	1301-1305
1. Sicherheitsgurtsystem , (3KP),(0JL)	1301
2. Steuergerät für Airbag, Sicherungshalter A, Sicherungshalter C	1302
3. Gurtschalter Fahrerseite, Sitzbelegungssensor Beifahrerseite, Steuergerät für Airbag	1303
4. Gurtschalter Mitte links, Gurtschalter Mitte rechts, 2. Sitzreihe, Gurtschalter hinten rechts, 2. Sitzreihe, Gurtschalter hinten rechts, 2. Sitzreihe, Steuergerät für Airbag
1304
5. Steuergerät für Airbag, Diagnose-Interface für Datenbus, Schalttafeleinsatz, Anschluss für	1305
